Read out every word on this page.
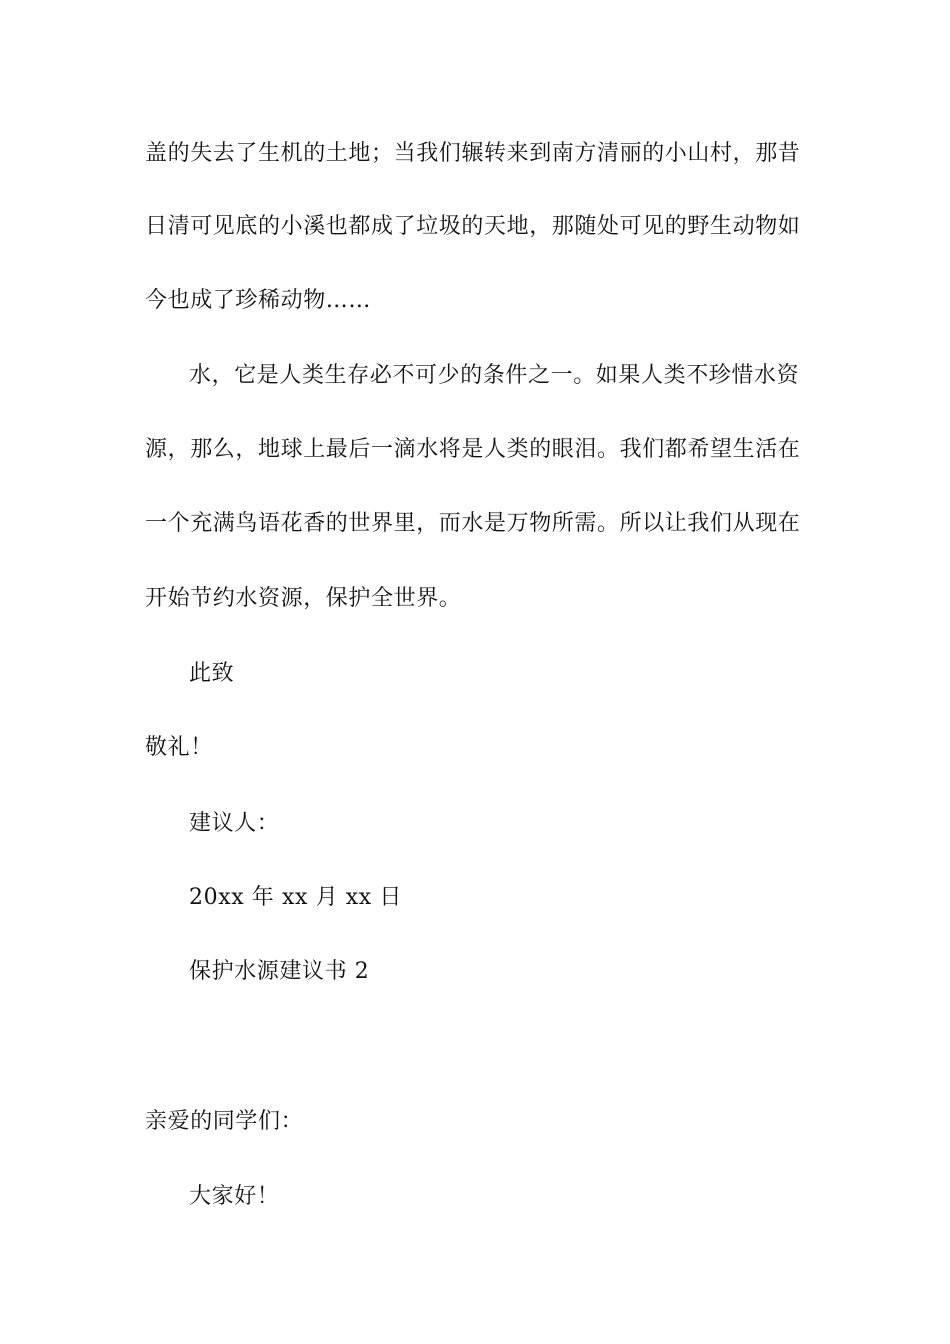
盖的失去了生机的土地；当我们辗转来到南方清丽的小山村，那昔
日清可见底的小溪也都成了垃圾的天地，那随处可见的野生动物如
今也成了珍稀动物……
水，它是人类生存必不可少的条件之一。如果人类不珍惜水资
源，那么，地球上最后一滴水将是人类的眼泪。我们都希望生活在
一个充满鸟语花香的世界里，而水是万物所需。所以让我们从现在
开始节约水资源，保护全世界。
此致
敬礼！
建议人：
20xx 年 xx 月 xx 日
保护水源建议书 2
亲爱的同学们：
大家好！
